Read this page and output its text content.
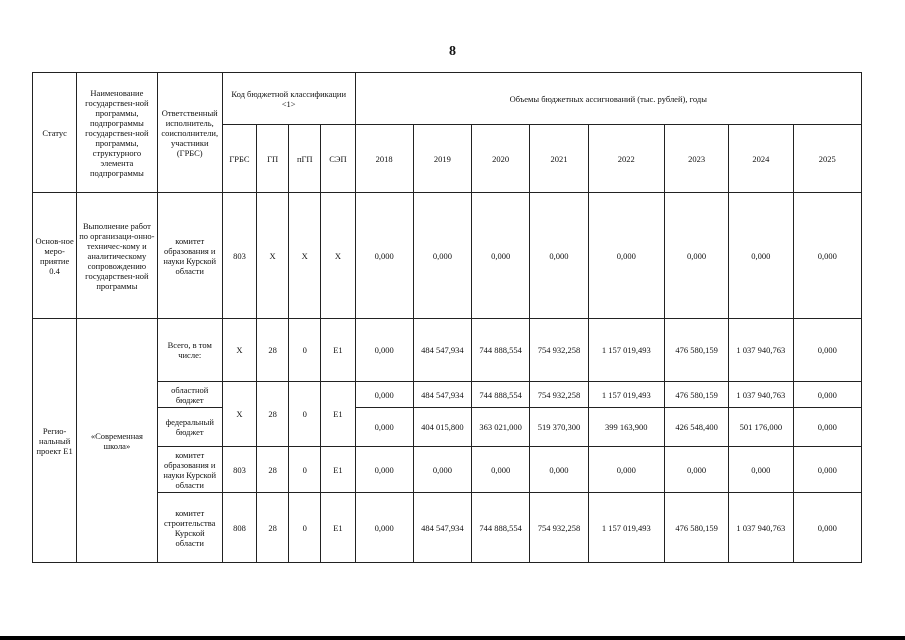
8
Статус	Наименование государствен-ной программы, подпрограммы государствен-ной программы, структурного элемента подпрограммы	Ответственный исполнитель, соисполнители, участники (ГРБС)	Код бюджетной классификации <1>				Объемы бюджетных ассигнований (тыс. рублей), годы							
			ГРБС	ГП	пГП	СЭП	2018	2019	2020	2021	2022	2023	2024	2025
Основ-ное меро-приятие 0.4	Выполнение работ по организаци-онно-техничес-кому и аналитическому сопровождению государствен-ной программы	комитет образования и науки Курской области	803	Х	Х	Х	0,000	0,000	0,000	0,000	0,000	0,000	0,000	0,000
Регио-нальный проект Е1	«Современная школа»	Всего, в том числе:	Х	28	0	Е1	0,000	484 547,934	744 888,554	754 932,258	1 157 019,493	476 580,159	1 037 940,763	0,000
		областной бюджет	Х	28	0	Е1	0,000	484 547,934	744 888,554	754 932,258	1 157 019,493	476 580,159	1 037 940,763	0,000
		федеральный бюджет					0,000	404 015,800	363 021,000	519 370,300	399 163,900	426 548,400	501 176,000	0,000
		комитет образования и науки Курской области	803	28	0	Е1	0,000	0,000	0,000	0,000	0,000	0,000	0,000	0,000
		комитет строительства Курской области	808	28	0	Е1	0,000	484 547,934	744 888,554	754 932,258	1 157 019,493	476 580,159	1 037 940,763	0,000
